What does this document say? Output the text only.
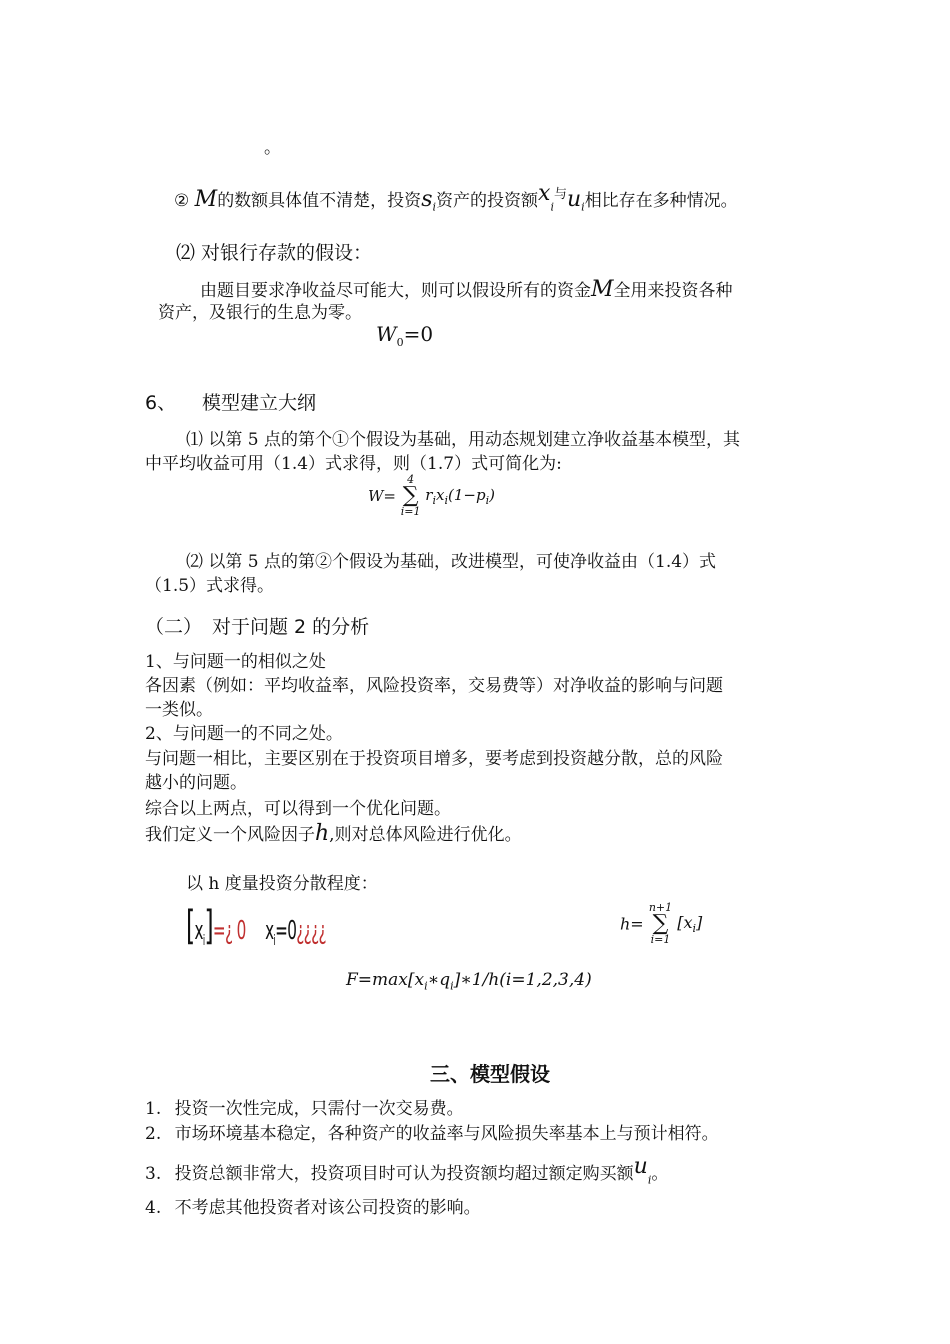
。
② M的数额具体值不清楚，投资$s_i$资产的投资额$x_i^与u_i$相比存在多种情况。
⑵ 对银行存款的假设：
由题目要求净收益尽可能大，则可以假设所有的资金M全用来投资各种
资产，及银行的生息为零。
$W_0=0$
6、 模型建立大纲
⑴ 以第 5 点的第个①个假设为基础，用动态规划建立净收益基本模型，其
中平均收益可用（1.4）式求得，则（1.7）式可简化为:
W=
4
∑
i=1
$r_ix_i(1-p_i)$
⑵ 以第 5 点的第②个假设为基础，改进模型，可使净收益由（1.4）式
（1.5）式求得。
（二） 对于问题 2 的分析
1、与问题一的相似之处
各因素（例如：平均收益率，风险投资率，交易费等）对净收益的影响与问题
一类似。
2、与问题一的不同之处。
与问题一相比，主要区别在于投资项目增多，要考虑到投资越分散，总的风险
越小的问题。
综合以上两点，可以得到一个优化问题。
我们定义一个风险因子h,则对总体风险进行优化。
以 h 度量投资分散程度：
$[x_i]=¿$ 0 $x_i=0¿¿¿¿$	h=
n+1
∑
i=1
$[x_i]$
$F=\max[x_i∗q_i]∗1/h(i=1,2,3,4)$
三、模型假设
1. 投资一次性完成，只需付一次交易费。
2. 市场环境基本稳定，各种资产的收益率与风险损失率基本上与预计相符。
3. 投资总额非常大，投资项目时可认为投资额均超过额定购买额$u_i$。
4. 不考虑其他投资者对该公司投资的影响。
